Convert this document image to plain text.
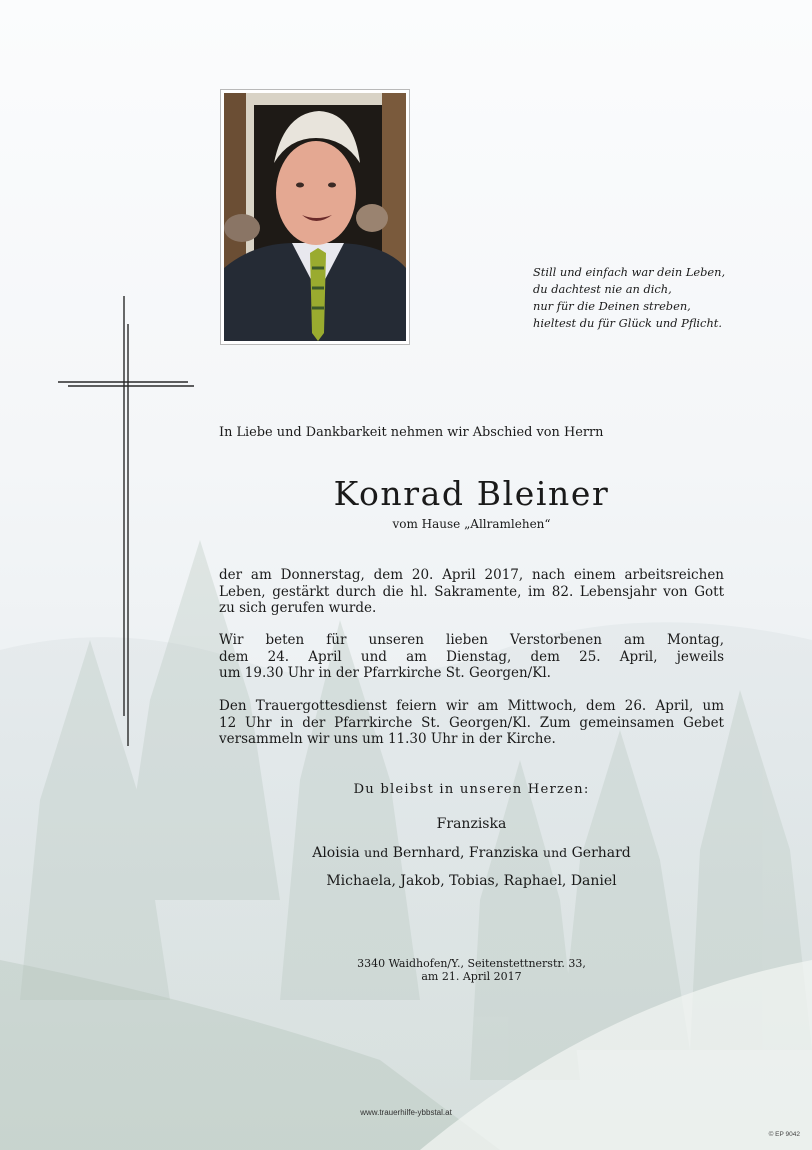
Still und einfach war dein Leben,
du dachtest nie an dich,
nur für die Deinen streben,
hieltest du für Glück und Pflicht.
In Liebe und Dankbarkeit nehmen wir Abschied von Herrn
Konrad Bleiner
vom Hause „Allramlehen“
der am Donnerstag, dem 20. April 2017, nach einem arbeitsreichen
Leben, gestärkt durch die hl. Sakramente, im 82. Lebensjahr von Gott
zu sich gerufen wurde.
Wir beten für unseren lieben Verstorbenen am Montag,
dem 24. April und am Dienstag, dem 25. April, jeweils
um 19.30 Uhr in der Pfarrkirche St. Georgen/Kl.
Den Trauergottesdienst feiern wir am Mittwoch, dem 26. April, um
12 Uhr in der Pfarrkirche St. Georgen/Kl. Zum gemeinsamen Gebet
versammeln wir uns um 11.30 Uhr in der Kirche.
Du bleibst in unseren Herzen:
Franziska
Aloisia und Bernhard, Franziska und Gerhard
Michaela, Jakob, Tobias, Raphael, Daniel
3340 Waidhofen/Y., Seitenstettnerstr. 33,
am 21. April 2017
www.trauerhilfe-ybbstal.at
© EP 9042
